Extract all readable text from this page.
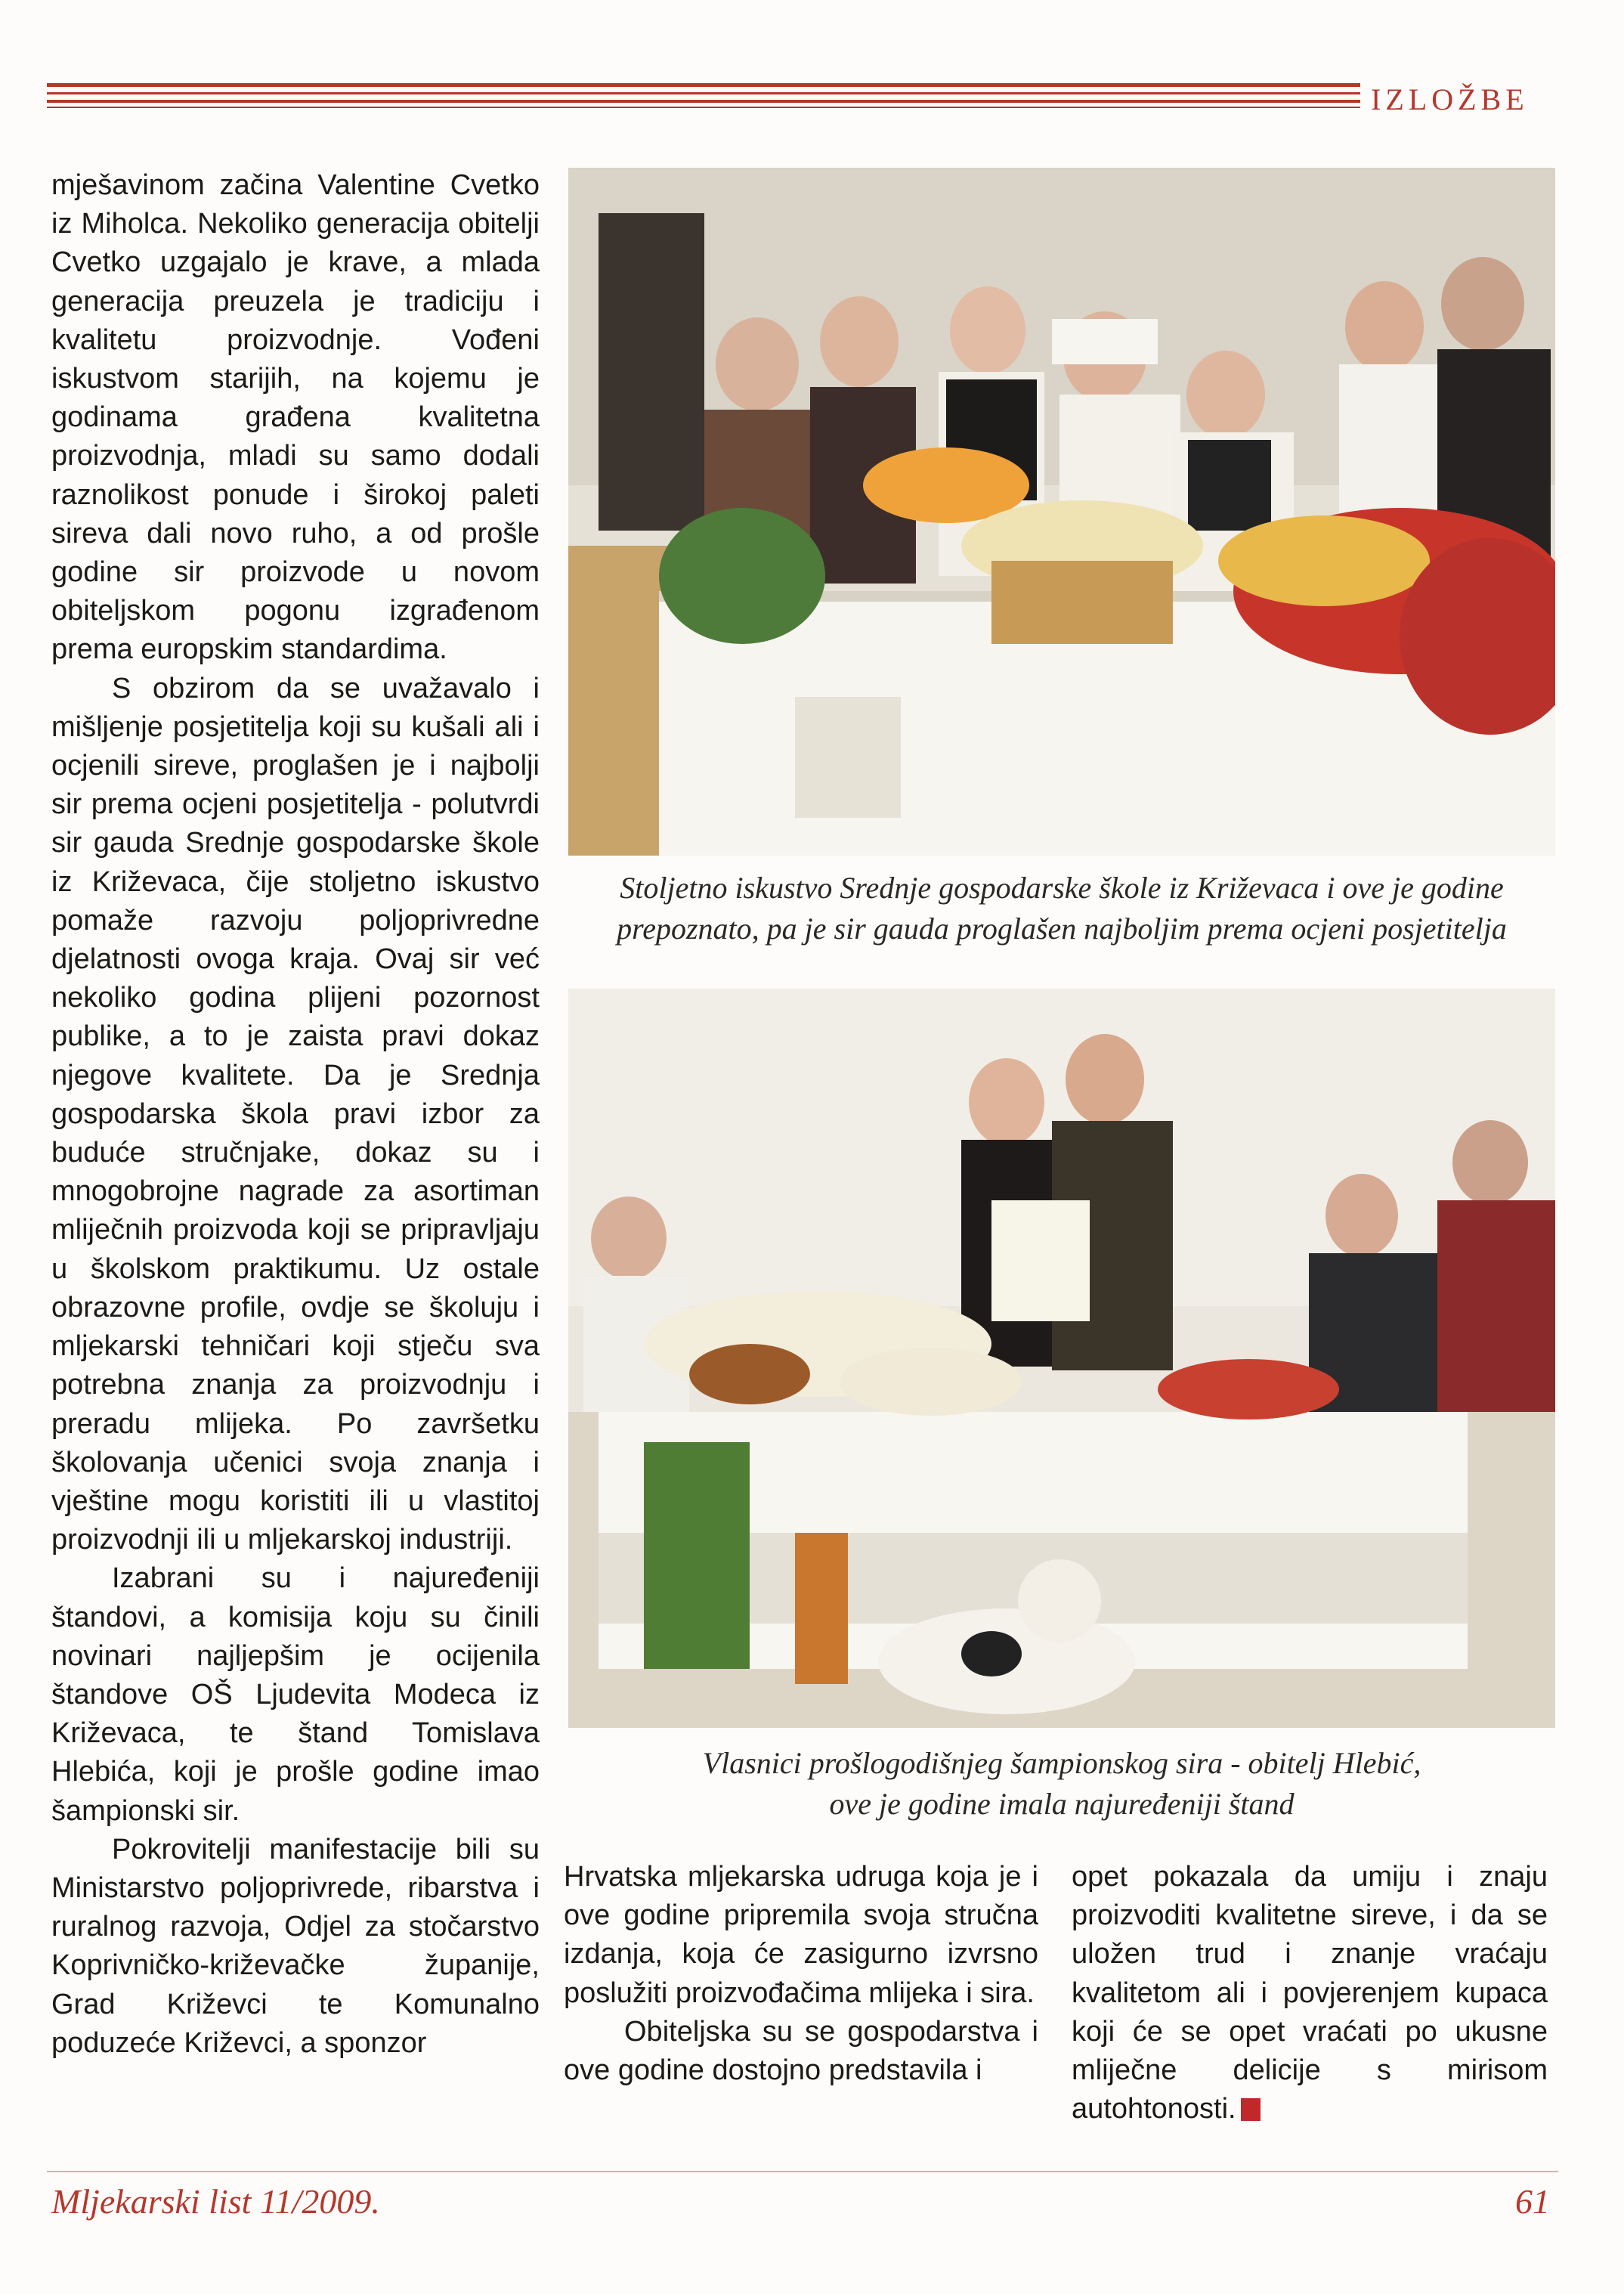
IZLOŽBE

mješavinom začina Valentine Cvetko iz Miholca. Nekoliko generacija obitelji Cvetko uzgajalo je krave, a mlada generacija preuzela je tradiciju i kvalitetu proizvodnje. Vođeni iskustvom starijih, na kojemu je godinama građena kvalitetna proizvodnja, mladi su samo dodali raznolikost ponude i širokoj paleti sireva dali novo ruho, a od prošle godine sir proizvode u novom obiteljskom pogonu izgrađenom prema europskim standardima.

S obzirom da se uvažavalo i mišljenje posjetitelja koji su kušali ali i ocjenili sireve, proglašen je i najbolji sir prema ocjeni posjetitelja - polutvrdi sir gauda Srednje gospodarske škole iz Križevaca, čije stoljetno iskustvo pomaže razvoju poljoprivredne djelatnosti ovoga kraja. Ovaj sir već nekoliko godina plijeni pozornost publike, a to je zaista pravi dokaz njegove kvalitete. Da je Srednja gospodarska škola pravi izbor za buduće stručnjake, dokaz su i mnogobrojne nagrade za asortiman mliječnih proizvoda koji se pripravljaju u školskom praktikumu. Uz ostale obrazovne profile, ovdje se školuju i mljekarski tehničari koji stječu sva potrebna znanja za proizvodnju i preradu mlijeka. Po završetku školovanja učenici svoja znanja i vještine mogu koristiti ili u vlastitoj proizvodnji ili u mljekarskoj industriji.

Izabrani su i najuređeniji štandovi, a komisija koju su činili novinari najljepšim je ocijenila štandove OŠ Ljudevita Modeca iz Križevaca, te štand Tomislava Hlebića, koji je prošle godine imao šampionski sir.

Pokrovitelji manifestacije bili su Ministarstvo poljoprivrede, ribarstva i ruralnog razvoja, Odjel za stočarstvo Koprivničko-križevačke županije, Grad Križevci te Komunalno poduzeće Križevci, a sponzor

Stoljetno iskustvo Srednje gospodarske škole iz Križevaca i ove je godine prepoznato, pa je sir gauda proglašen najboljim prema ocjeni posjetitelja
Vlasnici prošlogodišnjeg šampionskog sira - obitelj Hlebić,
ove je godine imala najuređeniji štand

Hrvatska mljekarska udruga koja je i ove godine pripremila svoja stručna izdanja, koja će zasigurno izvrsno poslužiti proizvođačima mlijeka i sira.

Obiteljska su se gospodarstva i ove godine dostojno predstavila i

opet pokazala da umiju i znaju proizvoditi kvalitetne sireve, i da se uložen trud i znanje vraćaju kvalitetom ali i povjerenjem kupaca koji će se opet vraćati po ukusne mliječne delicije s mirisom autohtonosti.

Mljekarski list 11/2009.	61
